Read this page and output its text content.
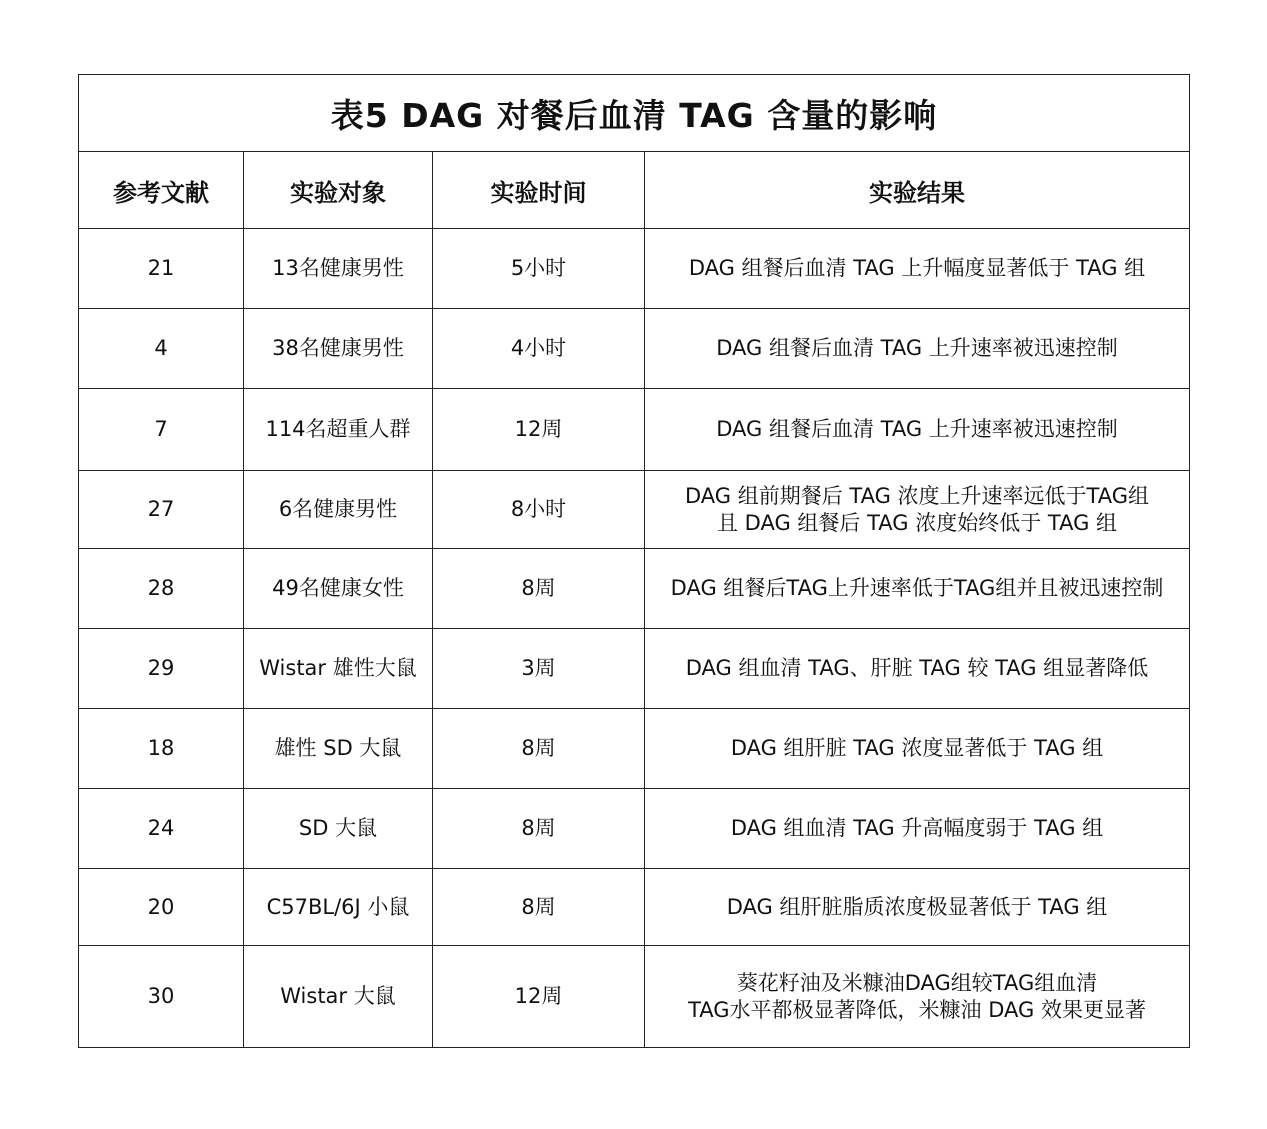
表5 DAG 对餐后血清 TAG 含量的影响			
参考文献	实验对象	实验时间	实验结果
21	13名健康男性	5小时	DAG 组餐后血清 TAG 上升幅度显著低于 TAG 组

4	38名健康男性	4小时	DAG 组餐后血清 TAG 上升速率被迅速控制

7	114名超重人群	12周	DAG 组餐后血清 TAG 上升速率被迅速控制

27	6名健康男性	8小时	DAG 组前期餐后 TAG 浓度上升速率远低于TAG组
且 DAG 组餐后 TAG 浓度始终低于 TAG 组

28	49名健康女性	8周	DAG 组餐后TAG上升速率低于TAG组并且被迅速控制

29	Wistar 雄性大鼠	3周	DAG 组血清 TAG、肝脏 TAG 较 TAG 组显著降低

18	雄性 SD 大鼠	8周	DAG 组肝脏 TAG 浓度显著低于 TAG 组

24	SD 大鼠	8周	DAG 组血清 TAG 升高幅度弱于 TAG 组

20	C57BL/6J 小鼠	8周	DAG 组肝脏脂质浓度极显著低于 TAG 组

30	Wistar 大鼠	12周	葵花籽油及米糠油DAG组较TAG组血清
TAG水平都极显著降低，米糠油 DAG 效果更显著
